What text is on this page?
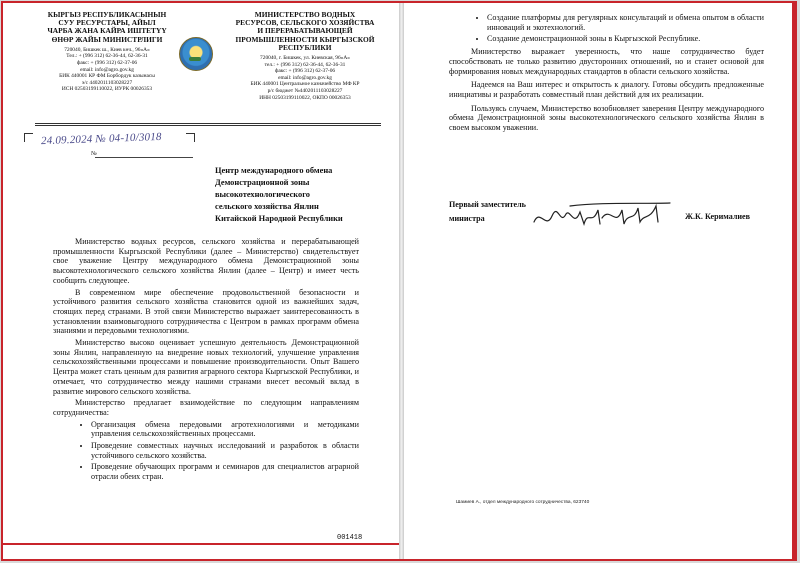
КЫРГЫЗ РЕСПУБЛИКАСЫНЫН СУУ РЕСУРСТАРЫ, АЙЫЛ ЧАРБА ЖАНА КАЙРА ИШТЕТҮҮ ӨНӨР ЖАЙЫ МИНИСТРЛИГИ
720040, Бишкек ш., Киев көч., 96«А»
Тел.: + (996 312) 62-36-44, 62-36-31
факс: + (996 312) 62-37-06
email: info@agro.gov.kg
БИК 440001 КР ФМ Борбордук казынасы
э/с 4402011103028227
ИСН 02503199110022, ИУРК 00026353
МИНИСТЕРСТВО ВОДНЫХ РЕСУРСОВ, СЕЛЬСКОГО ХОЗЯЙСТВА И ПЕРЕРАБАТЫВАЮЩЕЙ ПРОМЫШЛЕННОСТИ КЫРГЫЗСКОЙ РЕСПУБЛИКИ
720040, г. Бишкек, ул. Киевская, 96«А»
тел.: + (996 312) 62-36-44, 62-36-31
факс: + (996 312) 62-37-06
email: info@agro.gov.kg
БИК 440001 Центральное казначейство МФ КР
р/с бюджет №4402011103028227
ИНН 02503199110022, ОКПО 00026353
24.09.2024 № 04-10/3018
№
Центр международного обмена
Демонстрационной зоны
высокотехнологического
сельского хозяйства Янлин
Китайской Народной Республики

Министерство водных ресурсов, сельского хозяйства и перерабатывающей промышленности Кыргызской Республики (далее – Министерство) свидетельствует свое уважение Центру международного обмена Демонстрационной зоны высокотехнологического сельского хозяйства Янлин (далее – Центр) и имеет честь сообщить следующее.

В современном мире обеспечение продовольственной безопасности и устойчивого развития сельского хозяйства становится одной из важнейших задач, стоящих перед странами. В этой связи Министерство выражает заинтересованность в установлении взаимовыгодного сотрудничества с Центром в рамках программ обмена знаниями и передовыми технологиями.

Министерство высоко оценивает успешную деятельность Демонстрационной зоны Янлин, направленную на внедрение новых технологий, улучшение управления сельскохозяйственными процессами и повышение производительности. Опыт Вашего Центра может стать ценным для развития аграрного сектора Кыргызской Республики, и отмечает, что сотрудничество между нашими странами внесет весомый вклад в развитие мирового сельского хозяйства.

Министерство предлагает взаимодействие по следующим направлениям сотрудничества:

• Организация обмена передовыми агротехнологиями и методиками управления сельскохозяйственных процессами.
• Проведение совместных научных исследований и разработок в области устойчивого сельского хозяйства.
• Проведение обучающих программ и семинаров для специалистов аграрной отрасли обеих стран.
001418
• Создание платформы для регулярных консультаций и обмена опытом в области инноваций и экотехнологий.
• Создание демонстрационной зоны в Кыргызской Республике.

Министерство выражает уверенность, что наше сотрудничество будет способствовать не только развитию двусторонних отношений, но и станет основой для формирования новых международных стандартов в области сельского хозяйства.

Надеемся на Ваш интерес и открытость к диалогу. Готовы обсудить предложенные инициативы и разработать совместный план действий для их реализации.

Пользуясь случаем, Министерство возобновляет заверения Центру международного обмена Демонстрационной зоны высокотехнологического сельского хозяйства Янлин в своем высоком уважении.

Первый заместитель
министра	Ж.К. Керималиев
Шамиев А., отдел международного сотрудничества, 623740
